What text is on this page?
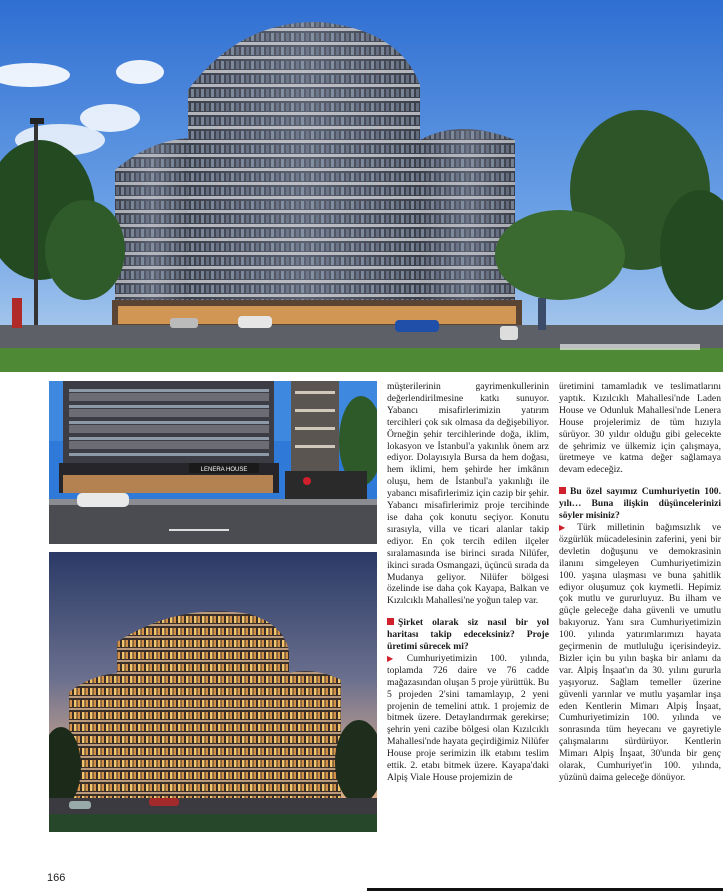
LENERA HOUSE

müşterilerinin gayrimenkullerinin değerlendirilmesine katkı sunuyor. Yabancı misafirlerimizin yatırım tercihleri çok sık olmasa da değişebiliyor. Örneğin şehir tercihlerinde doğa, iklim, lokasyon ve İstanbul'a yakınlık önem arz ediyor. Dolayısıyla Bursa da hem doğası, hem iklimi, hem şehirde her imkânın oluşu, hem de İstanbul'a yakınlığı ile yabancı misafirlerimiz için cazip bir şehir. Yabancı misafirlerimiz proje tercihinde ise daha çok konutu seçiyor. Konutu sırasıyla, villa ve ticari alanlar takip ediyor. En çok tercih edilen ilçeler sıralamasında ise birinci sırada Nilüfer, ikinci sırada Osmangazi, üçüncü sırada da Mudanya geliyor. Nilüfer bölgesi özelinde ise daha çok Kayapa, Balkan ve Kızılcıklı Mahallesi'ne yoğun talep var.

Şirket olarak siz nasıl bir yol haritası takip edeceksiniz? Proje üretimi sürecek mi?

▶ Cumhuriyetimizin 100. yılında, toplamda 726 daire ve 76 cadde mağazasından oluşan 5 proje yürüttük. Bu 5 projeden 2'sini tamamlayıp, 2 yeni projenin de temelini attık. 1 projemiz de bitmek üzere. Detaylandırmak gerekirse; şehrin yeni cazibe bölgesi olan Kızılcıklı Mahallesi'nde hayata geçirdiğimiz Nilüfer House proje serimizin ilk etabını teslim ettik. 2. etabı bitmek üzere. Kayapa'daki Alpiş Viale House projemizin de

üretimini tamamladık ve teslimatlarını yaptık. Kızılcıklı Mahallesi'nde Laden House ve Odunluk Mahallesi'nde Lenera House projelerimiz de tüm hızıyla sürüyor. 30 yıldır olduğu gibi gelecekte de şehrimiz ve ülkemiz için çalışmaya, üretmeye ve katma değer sağlamaya devam edeceğiz.

Bu özel sayımız Cumhuriyetin 100. yılı… Buna ilişkin düşüncelerinizi söyler misiniz?

▶ Türk milletinin bağımsızlık ve özgürlük mücadelesinin zaferini, yeni bir devletin doğuşunu ve demokrasinin ilanını simgeleyen Cumhuriyetimizin 100. yaşına ulaşması ve buna şahitlik ediyor oluşumuz çok kıymetli. Hepimiz çok mutlu ve gururluyuz. Bu ilham ve güçle geleceğe daha güvenli ve umutlu bakıyoruz. Yanı sıra Cumhuriyetimizin 100. yılında yatırımlarımızı hayata geçirmenin de mutluluğu içerisindeyiz. Bizler için bu yılın başka bir anlamı da var. Alpiş İnşaat'ın da 30. yılını gururla yaşıyoruz. Sağlam temeller üzerine güvenli yarınlar ve mutlu yaşamlar inşa eden Kentlerin Mimarı Alpiş İnşaat, Cumhuriyetimizin 100. yılında ve sonrasında tüm heyecanı ve gayretiyle çalışmalarını sürdürüyor. Kentlerin Mimarı Alpiş İnşaat, 30'unda bir genç olarak, Cumhuriyet'in 100. yılında, yüzünü daima geleceğe dönüyor.

166
